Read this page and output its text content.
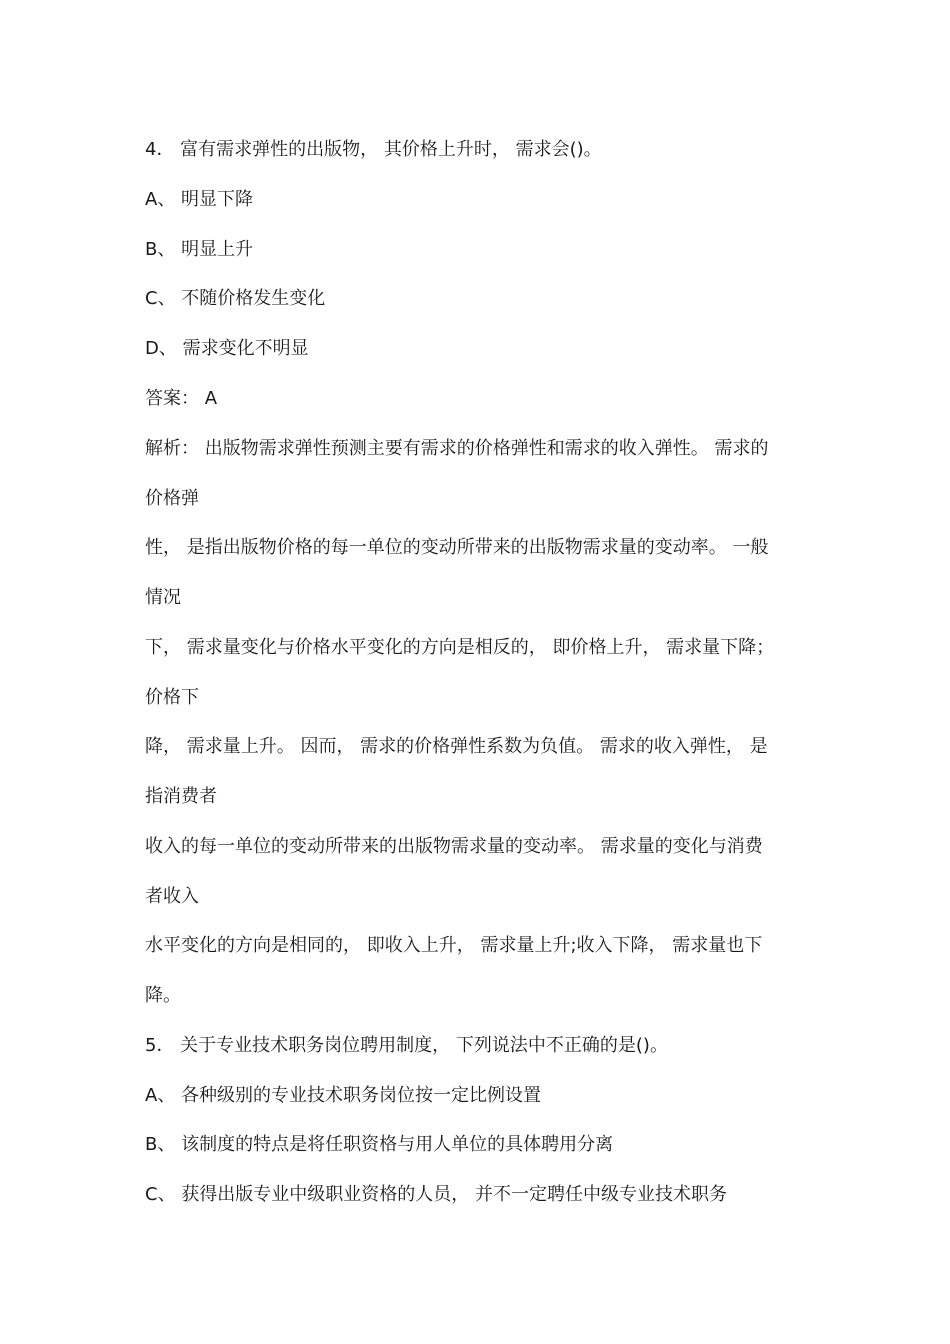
4． 富有需求弹性的出版物， 其价格上升时， 需求会()。
A、 明显下降
B、 明显上升
C、 不随价格发生变化
D、 需求变化不明显
答案： A
解析： 出版物需求弹性预测主要有需求的价格弹性和需求的收入弹性。 需求的
价格弹
性， 是指出版物价格的每一单位的变动所带来的出版物需求量的变动率。 一般
情况
下， 需求量变化与价格水平变化的方向是相反的， 即价格上升， 需求量下降；
价格下
降， 需求量上升。 因而， 需求的价格弹性系数为负值。 需求的收入弹性， 是
指消费者
收入的每一单位的变动所带来的出版物需求量的变动率。 需求量的变化与消费
者收入
水平变化的方向是相同的， 即收入上升， 需求量上升;收入下降， 需求量也下
降。
5． 关于专业技术职务岗位聘用制度， 下列说法中不正确的是()。
A、 各种级别的专业技术职务岗位按一定比例设置
B、 该制度的特点是将任职资格与用人单位的具体聘用分离
C、 获得出版专业中级职业资格的人员， 并不一定聘任中级专业技术职务
